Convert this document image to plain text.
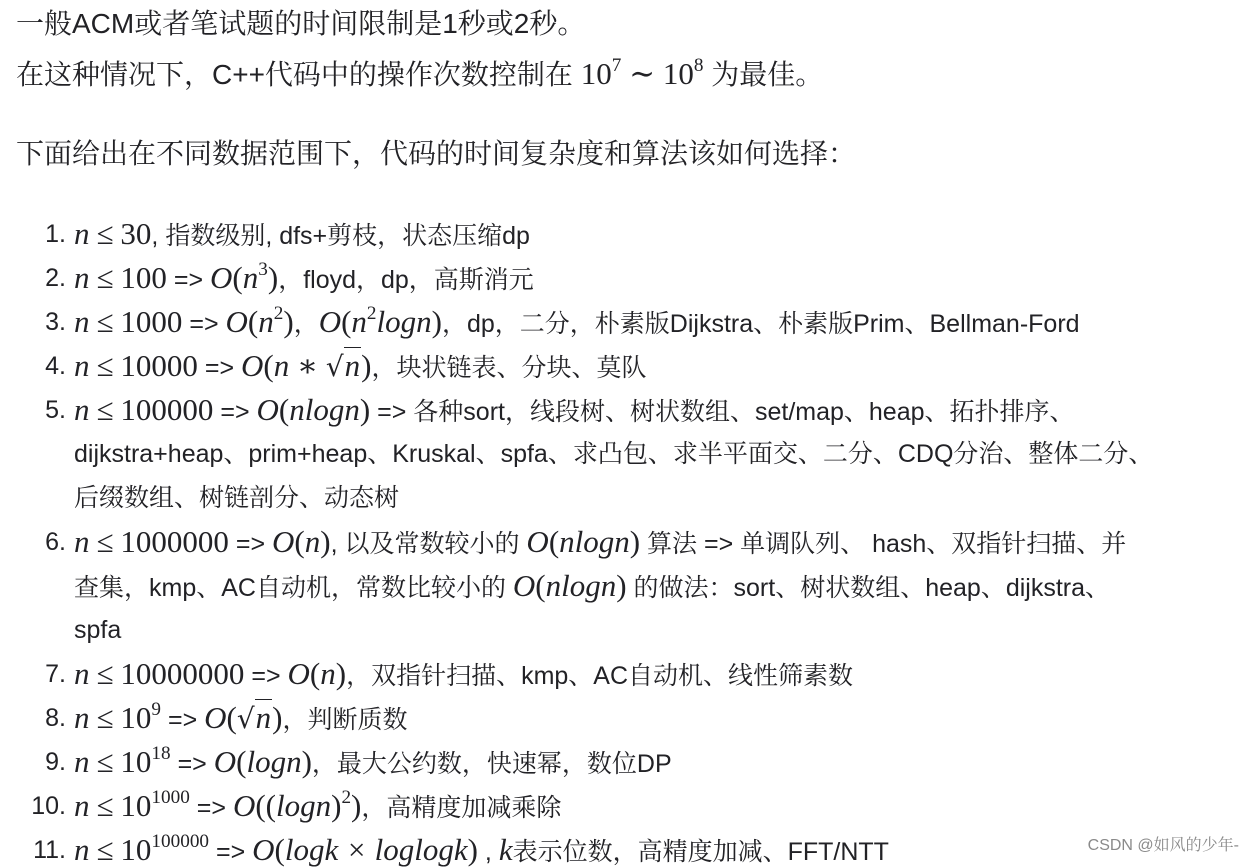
一般ACM或者笔试题的时间限制是1秒或2秒。
在这种情况下，C++代码中的操作次数控制在 $10^7$ ∼ $10^8$ 为最佳。
下面给出在不同数据范围下，代码的时间复杂度和算法该如何选择：
1. n ≤ 30, 指数级别, dfs+剪枝，状态压缩dp
2. $n \le 100 => O(n^3)$，floyd，dp，高斯消元
3. $n \le 1000 => O(n^2)$，$O(n^2\log n)$，dp，二分，朴素版Dijkstra、朴素版Prim、Bellman-Ford
4. n ≤ 10000 => O(n ∗ √n)，块状链表、分块、莫队
5. n ≤ 100000 => O(nlogn) => 各种sort，线段树、树状数组、set/map、heap、拓扑排序、
dijkstra+heap、prim+heap、Kruskal、spfa、求凸包、求半平面交、二分、CDQ分治、整体二分、
后缀数组、树链剖分、动态树
6. n ≤ 1000000 => O(n), 以及常数较小的 O(nlogn) 算法 => 单调队列、 hash、双指针扫描、并
查集，kmp、AC自动机，常数比较小的 O(nlogn) 的做法：sort、树状数组、heap、dijkstra、
spfa
7. n ≤ 10000000 => O(n)，双指针扫描、kmp、AC自动机、线性筛素数
8. $n \le 10^9 => O(√n)$，判断质数
9. $n \le 10^{18} => O(\log n)$，最大公约数，快速幂，数位DP
10. $n \le 10^{1000} => O((\log n)^2)$，高精度加减乘除
11. $n \le 10^{100000} => O(\log k \times loglogk)$ , k表示位数，高精度加减、FFT/NTT	CSDN @如风的少年-
